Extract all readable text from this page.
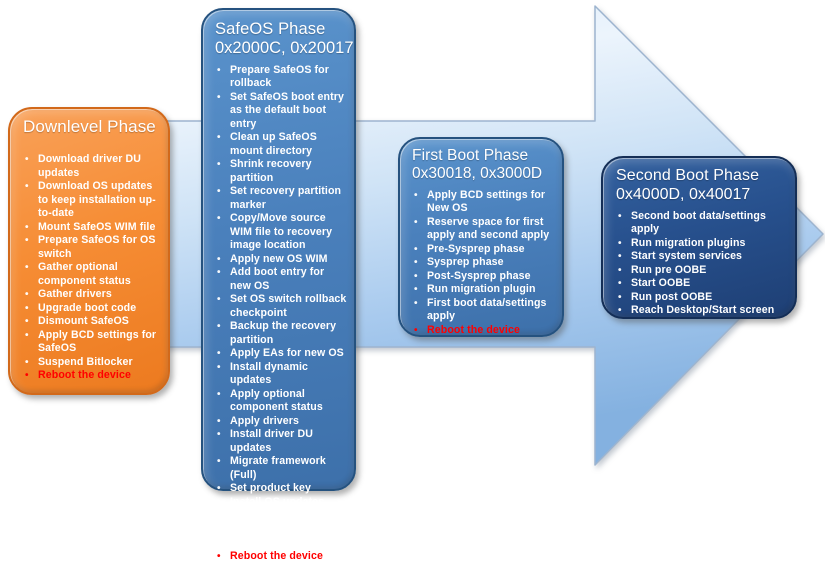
Downlevel Phase
• Download driver DU updates
• Download OS updates to keep installation up-to-date
• Mount SafeOS WIM file
• Prepare SafeOS for OS switch
• Gather optional component status
• Gather drivers
• Upgrade boot code
• Dismount SafeOS
• Apply BCD settings for SafeOS
• Suspend Bitlocker
• Reboot the device
SafeOS Phase
0x2000C, 0x20017
• Prepare SafeOS for rollback
• Set SafeOS boot entry as the default boot entry
• Clean up SafeOS mount directory
• Shrink recovery partition
• Set recovery partition marker
• Copy/Move source WIM file to recovery image location
• Apply new OS WIM
• Add boot entry for new OS
• Set OS switch rollback checkpoint
• Backup the recovery partition
• Apply EAs for new OS
• Install dynamic updates
• Apply optional component status
• Apply drivers
• Install driver DU updates
• Migrate framework (Full)
• Set product key
• Install OS updates (DU)
• Relocate OS to system drive root
• Reboot the device
First Boot Phase
0x30018, 0x3000D
• Apply BCD settings for New OS
• Reserve space for first apply and second apply
• Pre-Sysprep phase
• Sysprep phase
• Post-Sysprep phase
• Run migration plugin
• First boot data/settings apply
• Reboot the device
Second Boot Phase
0x4000D, 0x40017
• Second boot data/settings apply
• Run migration plugins
• Start system services
• Run pre OOBE
• Start OOBE
• Run post OOBE
• Reach Desktop/Start screen
